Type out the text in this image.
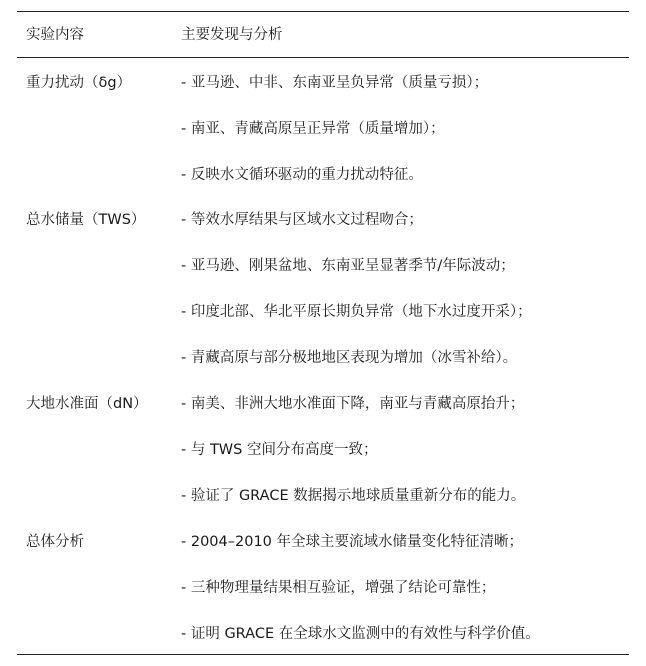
实验内容	主要发现与分析
重力扰动（δg）	- 亚马逊、中非、东南亚呈负异常（质量亏损）；
- 南亚、青藏高原呈正异常（质量增加）；
- 反映水文循环驱动的重力扰动特征。
总水储量（TWS） - 等效水厚结果与区域水文过程吻合；
- 亚马逊、刚果盆地、东南亚呈显著季节/年际波动；
- 印度北部、华北平原长期负异常（地下水过度开采）；
- 青藏高原与部分极地地区表现为增加（冰雪补给）。
大地水准面（dN） - 南美、非洲大地水准面下降，南亚与青藏高原抬升；
- 与 TWS 空间分布高度一致；
- 验证了 GRACE 数据揭示地球质量重新分布的能力。
总体分析	- 2004–2010 年全球主要流域水储量变化特征清晰；
- 三种物理量结果相互验证，增强了结论可靠性；
- 证明 GRACE 在全球水文监测中的有效性与科学价值。
